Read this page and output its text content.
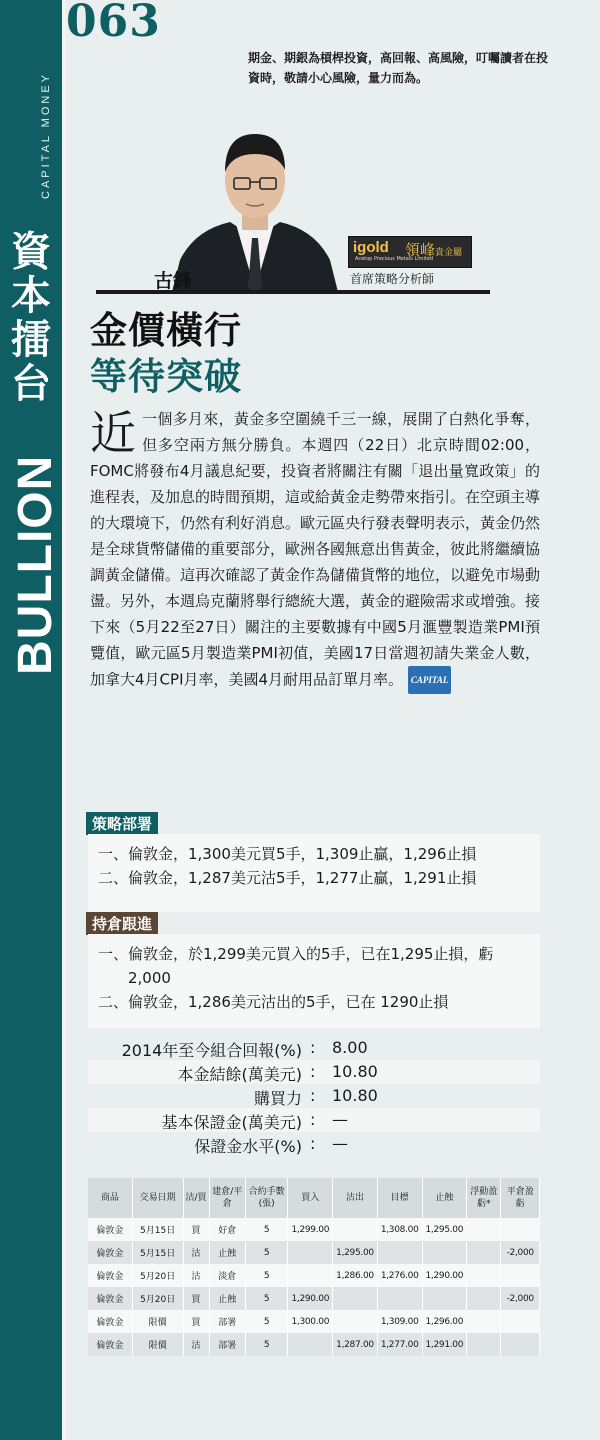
CAPITAL MONEY
資
本
擂
台
BULLION
063
期金、期銀為槓桿投資，高回報、高風險，叮囑讀者在投資時，敬請小心風險，量力而為。
igold 領峰貴金屬
Acetop Precious Metals Limited
首席策略分析師
古鋒
金價橫行
等待突破
近一個多月來，黃金多空圍繞千三一線，展開了白熱化爭奪，但多空兩方無分勝負。本週四（22日）北京時間02:00，FOMC將發布4月議息紀要，投資者將關注有關「退出量寬政策」的進程表，及加息的時間預期，這或給黃金走勢帶來指引。在空頭主導的大環境下，仍然有利好消息。歐元區央行發表聲明表示，黃金仍然是全球貨幣儲備的重要部分，歐洲各國無意出售黃金，彼此將繼續協調黃金儲備。這再次確認了黃金作為儲備貨幣的地位，以避免市場動盪。另外，本週烏克蘭將舉行總統大選，黃金的避險需求或增強。接下來（5月22至27日）關注的主要數據有中國5月滙豐製造業PMI預覽值，歐元區5月製造業PMI初值，美國17日當週初請失業金人數，加拿大4月CPI月率，美國4月耐用品訂單月率。 CAPITAL
策略部署
一、倫敦金，1,300美元買5手，1,309止贏，1,296止損
二、倫敦金，1,287美元沽5手，1,277止贏，1,291止損
持倉跟進
一、倫敦金，於1,299美元買入的5手，已在1,295止損，虧
2,000
二、倫敦金，1,286美元沽出的5手，已在 1290止損
2014年至今組合回報(%) : 8.00
本金結餘(萬美元) : 10.80
購買力 : 10.80
基本保證金(萬美元) : —
保證金水平(%) : —
商品	交易日期	沽/買	建倉/平倉	合約手數(張)	買入	沽出	目標	止蝕	浮動盈虧*	平倉盈虧
倫敦金	5月15日	買	好倉	5	1,299.00		1,308.00	1,295.00		
倫敦金	5月15日	沽	止蝕	5		1,295.00				-2,000
倫敦金	5月20日	沽	淡倉	5		1,286.00	1,276.00	1,290.00		
倫敦金	5月20日	買	止蝕	5	1,290.00					-2,000
倫敦金	限價	買	部署	5	1,300.00		1,309.00	1,296.00		
倫敦金	限價	沽	部署	5		1,287.00	1,277.00	1,291.00		
